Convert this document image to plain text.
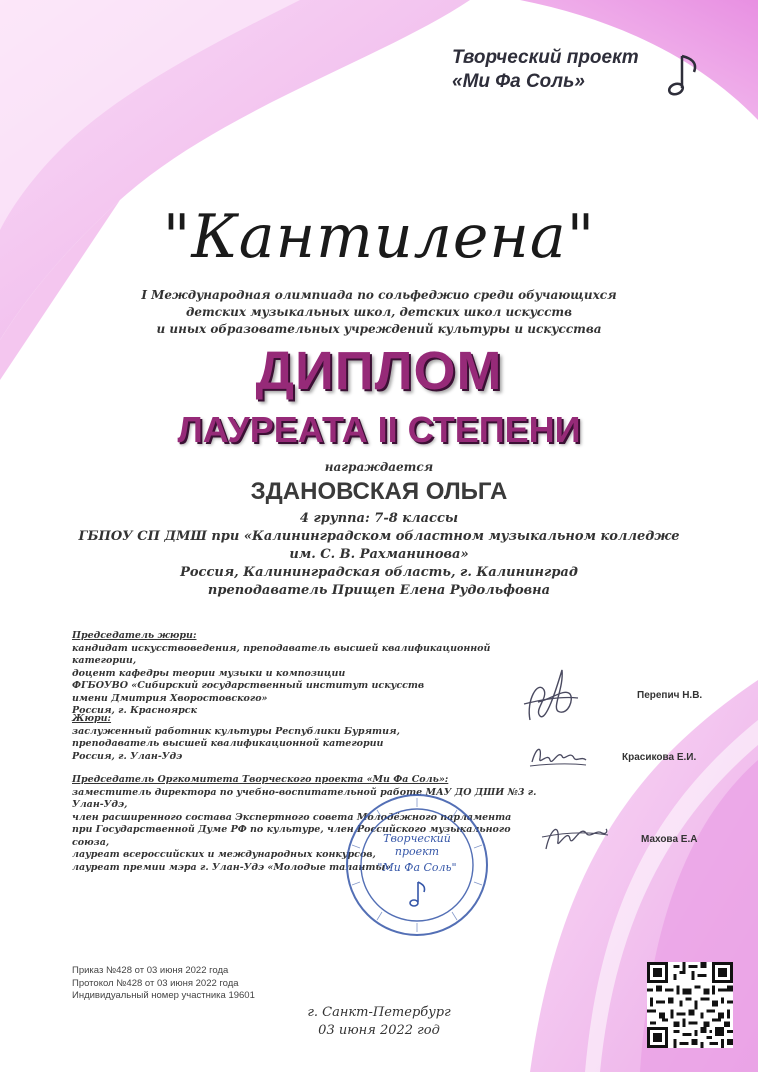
Творческий проект
«Ми Фа Соль»
"Кантилена"
I Международная олимпиада по сольфеджио среди обучающихся
детских музыкальных школ, детских школ искусств
и иных образовательных учреждений культуры и искусства
ДИПЛОМ
ЛАУРЕАТА II СТЕПЕНИ
награждается
ЗДАНОВСКАЯ ОЛЬГА
4 группа: 7-8 классы
ГБПОУ СП ДМШ при «Калининградском областном музыкальном колледже
им. С. В. Рахманинова»
Россия, Калининградская область, г. Калининград
преподаватель Прищеп Елена Рудольфовна
Председатель жюри:
кандидат искусствоведения, преподаватель высшей квалификационной категории,
доцент кафедры теории музыки и композиции
ФГБОУВО «Сибирский государственный институт искусств
имени Дмитрия Хворостовского»
Россия, г. Красноярск
Перепич Н.В.
Жюри:
заслуженный работник культуры Республики Бурятия,
преподаватель высшей квалификационной категории
Россия, г. Улан-Удэ	Красикова Е.И.
Председатель Оргкомитета Творческого проекта «Ми Фа Соль»:
заместитель директора по учебно-воспитательной работе МАУ ДО ДШИ №3 г. Улан-Удэ,
член расширенного состава Экспертного совета Молодёжного парламента
при Государственной Думе РФ по культуре, член Российского музыкального союза,
лауреат всероссийских и международных конкурсов,
лауреат премии мэра г. Улан-Удэ «Молодые таланты»
Махова Е.А
Творческий
проект
"Ми Фа Соль"
Приказ №428 от 03 июня 2022 года
Протокол №428 от 03 июня 2022 года
Индивидуальный номер участника 19601
г. Санкт-Петербург
03 июня 2022 год
